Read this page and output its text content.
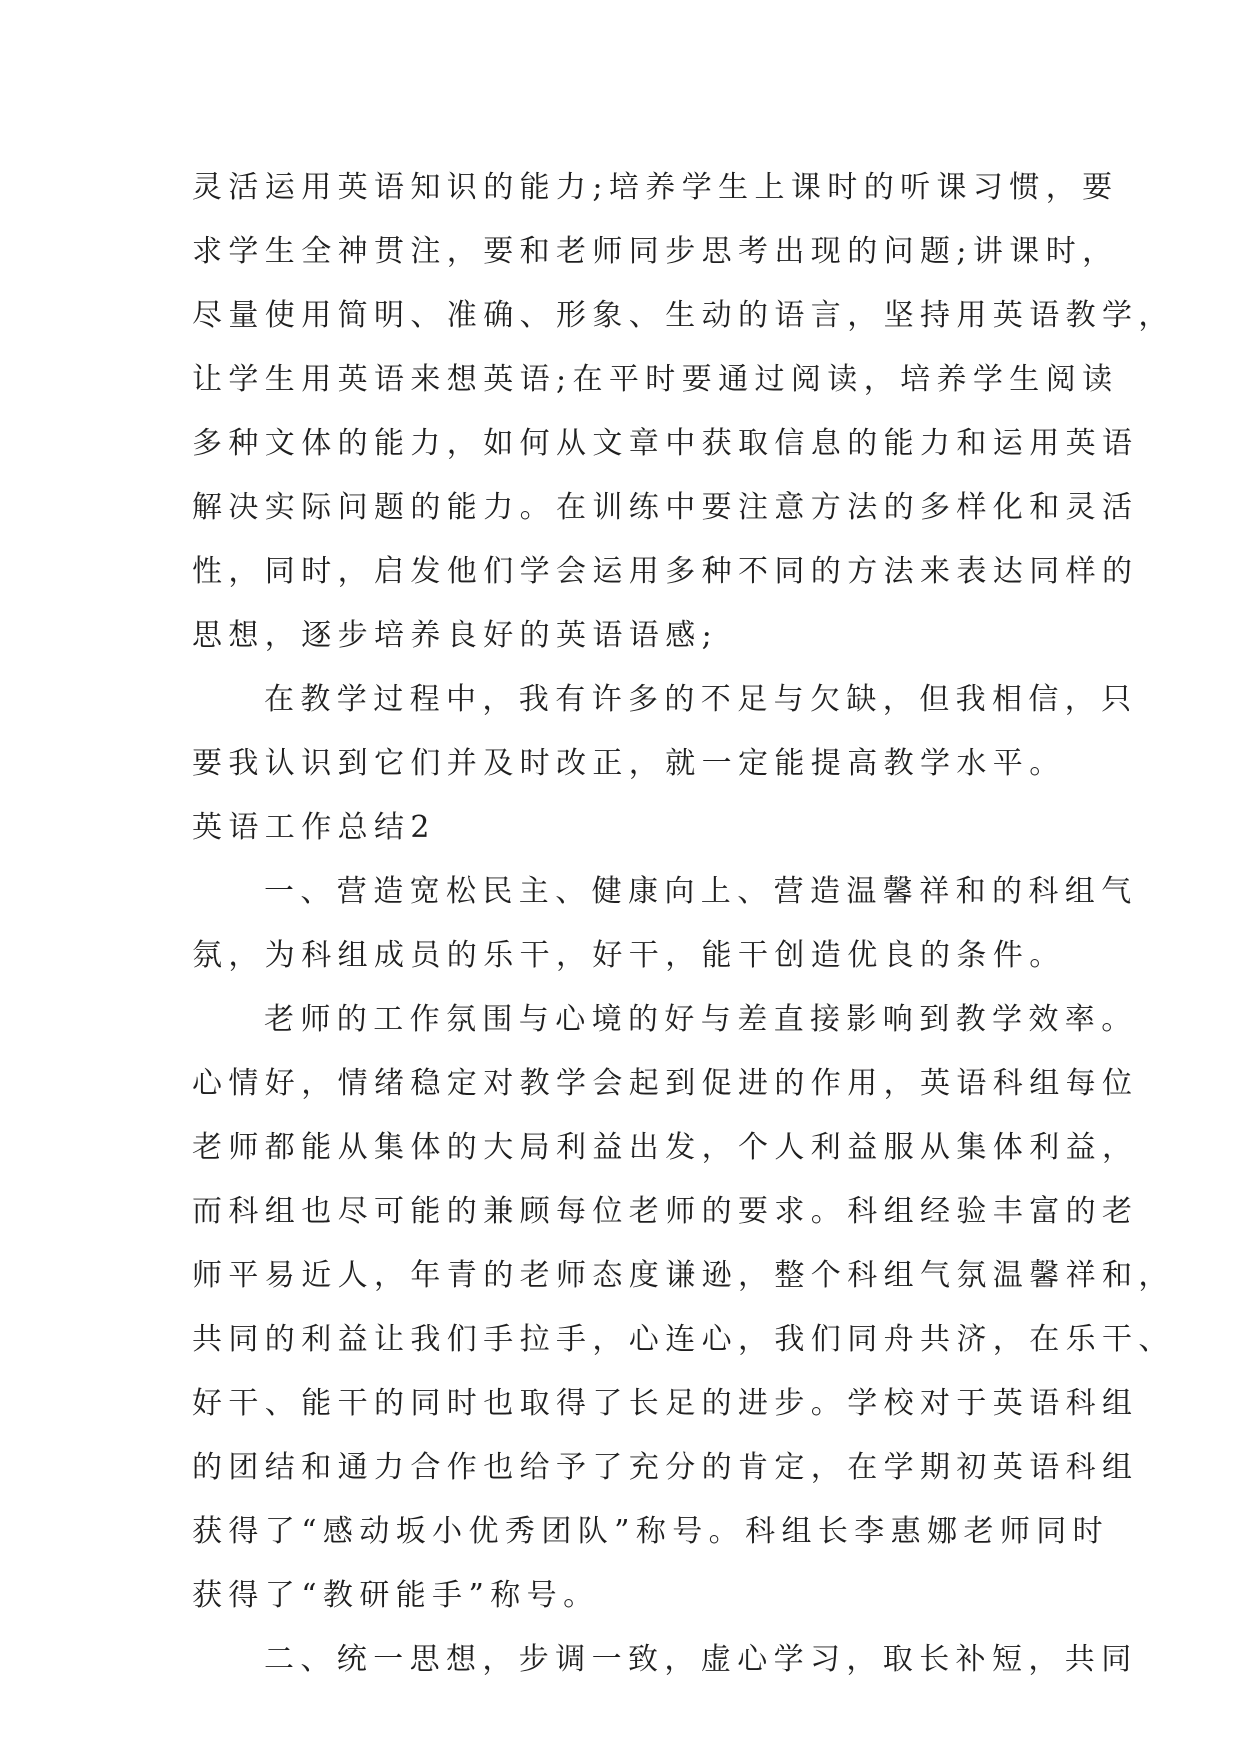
灵活运用英语知识的能力;培养学生上课时的听课习惯，要
求学生全神贯注，要和老师同步思考出现的问题;讲课时，
尽量使用简明、准确、形象、生动的语言，坚持用英语教学，
让学生用英语来想英语;在平时要通过阅读，培养学生阅读
多种文体的能力，如何从文章中获取信息的能力和运用英语
解决实际问题的能力。在训练中要注意方法的多样化和灵活
性，同时，启发他们学会运用多种不同的方法来表达同样的
思想，逐步培养良好的英语语感;
在教学过程中，我有许多的不足与欠缺，但我相信，只
要我认识到它们并及时改正，就一定能提高教学水平。
英语工作总结2
一、营造宽松民主、健康向上、营造温馨祥和的科组气
氛，为科组成员的乐干，好干，能干创造优良的条件。
老师的工作氛围与心境的好与差直接影响到教学效率。
心情好，情绪稳定对教学会起到促进的作用，英语科组每位
老师都能从集体的大局利益出发，个人利益服从集体利益，
而科组也尽可能的兼顾每位老师的要求。科组经验丰富的老
师平易近人，年青的老师态度谦逊，整个科组气氛温馨祥和，
共同的利益让我们手拉手，心连心，我们同舟共济，在乐干、
好干、能干的同时也取得了长足的进步。学校对于英语科组
的团结和通力合作也给予了充分的肯定，在学期初英语科组
获得了“感动坂小优秀团队”称号。科组长李惠娜老师同时
获得了“教研能手”称号。
二、统一思想，步调一致，虚心学习，取长补短，共同
